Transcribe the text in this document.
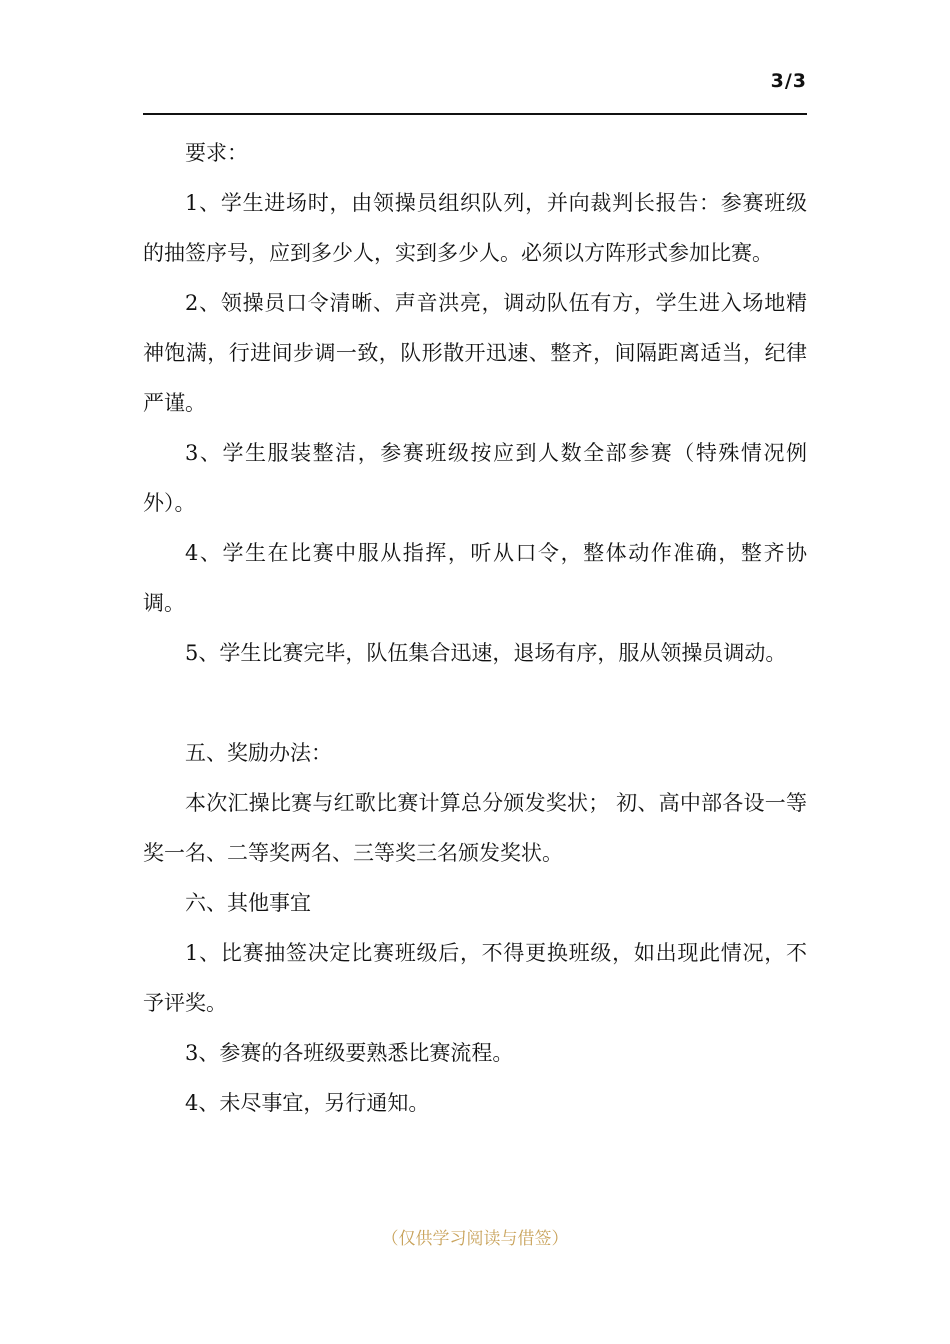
3/3

要求：

1、学生进场时，由领操员组织队列，并向裁判长报告：参赛班级的抽签序号，应到多少人，实到多少人。必须以方阵形式参加比赛。

2、领操员口令清晰、声音洪亮，调动队伍有方，学生进入场地精神饱满，行进间步调一致，队形散开迅速、整齐，间隔距离适当，纪律严谨。

3、学生服装整洁，参赛班级按应到人数全部参赛（特殊情况例外）。

4、学生在比赛中服从指挥，听从口令，整体动作准确，整齐协调。

5、学生比赛完毕，队伍集合迅速，退场有序，服从领操员调动。

五、奖励办法：

本次汇操比赛与红歌比赛计算总分颁发奖状； 初、高中部各设一等奖一名、二等奖两名、三等奖三名颁发奖状。

六、其他事宜

1、比赛抽签决定比赛班级后，不得更换班级，如出现此情况，不予评奖。

3、参赛的各班级要熟悉比赛流程。

4、未尽事宜，另行通知。

（仅供学习阅读与借签）
